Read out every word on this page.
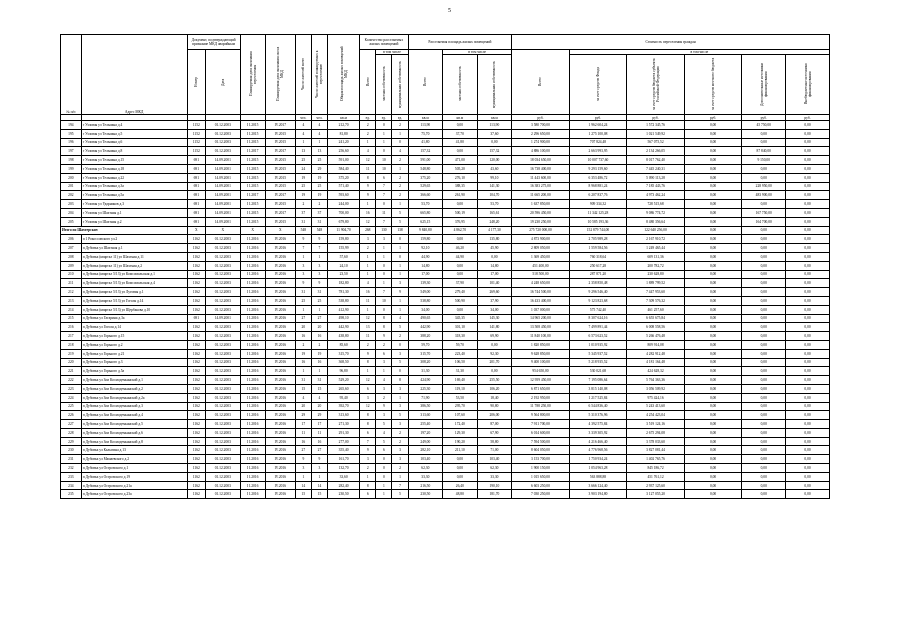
5
№ п/п	Адрес МКД	Документ, подтверждающий признание МКД аварийным		Планируемая дата окончания переселения	Планируемая дата окончания сноса МКД	Число жителей всего	Число жителей планируемых к переселению	Общая площадь жилых помещений МКД	Количество расселяемых жилых помещений			Расселяемая площадь жилых помещений			Стоимость переселения граждан					
		Номер	Дата						Всего	в том числе		Всего	в том числе		Всего	в том числе				
										частная собственность	муниципальная собственность		частная собственность	муниципальная собственность		за счет средств Фонда	за счет средств бюджета субъекта Российской Федерации	за счет средств местного бюджета	Дополнительные источники финансирования	Внебюджетные источники финансирования
						чел.	чел.	кв.м	ед.	ед.	ед.	кв.м	кв.м	кв.м	руб.	руб.	руб.	руб.	руб.	руб.
194	г Узловая ул Тельмана д.4	1152	01.12.2003	I I.2015	IV.2017	4	4	212,70	2	0	2	113,90	0,00	113,90	3 580 700,00	1 962 604,24	1 572 345,76	0,00	45 750,00	0,00
195	г Узловая ул Тельмана д.5	1152	01.12.2003	I I.2015	IV.2015	4	4	81,80	2	1	1	75,70	37,70	37,60	2 296 650,00	1 275 100,08	1 021 549,92	0,00	0,00	0,00
196	г Узловая ул Тельмана д.6	1152	01.12.2003	I I.2015	IV.2015	1	1	241,20	1	1	0	41,80	41,80	0,00	1 274 900,00	707 824,48	567 075,52	0,00	0,00	0,00
197	г Узловая ул Тельмана д.8	1152	01.12.2003	I I.2017	IV.2017	13	13	256,60	4	0	4	157,32	0,00	157,32	4 886 100,00	2 663 993,95	2 134 266,05	0,00	87 840,00	0,00
198	г Узловая ул Тельмана д.15	691	14.09.2001	I I.2015	IV.2015	25	25	591,00	12	10	2	591,00	471,00	120,00	18 034 650,00	10 007 737,60	8 017 762,40	0,00	9 150,00	0,00
199	г Узловая ул Тельмана д.18	691	14.09.2001	I I.2015	IV.2015	24	29	584,40	11	10	1	548,80	505,20	43,60	16 738 400,00	9 293 159,60	7 445 240,31	0,00	0,00	0,00
200	г Узловая ул Тельмана д.22	691	14.09.2001	I I.2015	IV.2015	19	19	375,20	8	6	2	375,20	276,10	99,10	11 443 600,00	6 353 486,72	5 090 113,28	0,00	0,00	0,00
201	г Узловая ул Тельмана д.3а	691	14.09.2001	I I.2015	IV.2015	25	25	571,40	9	7	2	529,65	388,35	141,30	16 383 275,00	8 968 881,24	7 185 443,76	0,00	228 950,00	0,00
202	г Узловая ул Тельмана д.5а	691	14.09.2001	I I.2017	IV.2017	19	19	593,60	9	7	2	366,60	261,90	104,70	11 665 200,00	6 207 837,76	4 973 462,24	0,00	483 900,00	0,00
203	г Узловая ул Ударников д.3	691	14.09.2001	I I.2015	IV.2015	2	2	244,00	1	0	1	53,70	0,00	53,70	1 637 850,00	909 334,32	728 515,68	0,00	0,00	0,00
204	г Узловая ул Шахтная д.1	691	14.09.2001	I I.2015	IV.2017	37	37	700,00	16	11	5	665,80	500,19	165,61	20 596 450,00	11 342 125,28	9 086 774,72	0,00	167 750,00	0,00
205	г Узловая ул Шахтная д.2	691	14.09.2001	I I.2015	IV.2015	31	31	679,80	12	7	5	625,15	376,95	248,20	19 230 250,00	10 585 193,36	8 480 356,64	0,00	164 700,00	0,00
Итого по Шахтерское:		X	X	X	X	548	548	11 904,70	268	130	138	9 840,80	4 862,70	4 177,30	275 720 000,00	152 879 744,00	122 640 256,00	0,00	0,00	0,00
206	п 1 Рокоссовского ул.2	1162	01.12.2003	I I.2016	IV.2016	9	9	159,80	3	3	0	159,80	0,00	135,80	4 873 900,00	2 705 989,28	2 167 910,72	0,00	0,00	0,00
207	п Дубовка ул Шахтная д.1	1162	01.12.2003	I I.2016	IV.2016	7	7	155,99	2	1	1	92,10	46,20	45,90	2 809 050,00	1 559 584,56	1 249 465,44	0,00	0,00	0,00
208	п Дубовка (квартал 11) ул Шахтная д.11	1162	01.12.2003	I I.2016	IV.2016	1	1	57,60	1	1	0	44,90	44,90	0,00	1 369 450,00	760 318,64	609 131,36	0,00	0,00	0,00
209	п Дубовка (квартал 11) ул Шахтная д.2	1162	01.12.2003	I I.2016	IV.2016	3	3	24,10	1	0	1	14,80	0,00	14,80	451 400,00	250 617,28	200 782,72	0,00	0,00	0,00
210	п Дубовка (квартал 5/13) ул Комсомольская д.1	1162	01.12.2003	I I.2016	IV.2016	3	3	23,50	1	0	1	17,00	0,00	17,00	518 500,00	287 871,20	230 628,80	0,00	0,00	0,00
211	п Дубовка (квартал 5/13) ул Комсомольская д.4	1162	01.12.2003	I I.2016	IV.2016	9	9	182,80	4	1	3	139,30	37,90	101,40	4 248 650,00	2 358 850,48	1 889 799,52	0,00	0,00	0,00
212	п Дубовка (квартал 5/13) ул Луговая д.1	1162	01.12.2003	I I.2016	IV.2016	31	31	781,30	16	7	9	549,00	279,40	269,60	16 744 500,00	9 296 546,40	7 447 953,60	0,00	0,00	0,00
213	п Дубовка (квартал 5/13) ул Гоголя д.14	1162	01.12.2003	I I.2016	IV.2016	25	25	538,80	11	10	1	538,80	500,90	37,90	16 433 400,00	9 123 823,68	7 309 576,32	0,00	0,00	0,00
214	п Дубовка (квартал 5/13) ул Щербакова д.10	1162	01.12.2003	I I.2016	IV.2016	1	1	412,90	1	0	1	34,00	0,00	34,00	1 037 000,00	575 742,40	461 257,60	0,00	0,00	0,00
215	п Дубовка ул Гагарина д.3а	691	14.09.2001	I I.2016	IV.2016	27	27	498,10	12	8	4	490,65	345,35	145,30	14 965 200,00	8 307 624,16	6 655 675,84	0,00	0,00	0,00
216	п Дубовка ул Гоголя д.14	1162	01.12.2003	I I.2016	IV.2016	20	20	442,90	13	8	5	442,90	301,10	141,80	13 508 450,00	7 499 891,44	6 008 558,56	0,00	0,00	0,00
217	п Дубовка ул Горького д.15	1162	01.12.2003	I I.2016	IV.2016	16	16	438,80	11	9	2	388,20	318,30	69,90	11 840 100,00	6 573 623,52	5 266 476,48	0,00	0,00	0,00
218	п Дубовка ул Горького д.2	1162	01.12.2003	I I.2016	IV.2016	2	2	85,60	2	2	0	59,70	59,70	0,00	1 820 850,00	1 010 935,92	809 914,08	0,00	0,00	0,00
219	п Дубовка ул Горького д.21	1162	01.12.2003	I I.2016	IV.2016	19	19	315,70	9	6	3	315,70	223,40	92,30	9 628 850,00	5 345 937,52	4 282 912,48	0,00	0,00	0,00
220	п Дубовка ул Горького д.3	1162	01.12.2003	I I.2016	IV.2016	16	16	368,50	8	3	5	308,20	106,50	201,70	9 400 100,00	5 218 935,52	4 181 164,48	0,00	0,00	0,00
221	п Дубовка ул Горького д.5а	1162	01.12.2003	I I.2016	IV.2016	1	1	96,80	1	1	0	31,30	31,30	0,00	954 650,00	530 021,68	424 628,32	0,00	0,00	0,00
222	п Дубовка ул Зои Космодемьянской д.1	1162	01.12.2003	I I.2016	IV.2016	31	31	529,20	12	4	8	424,90	169,40	255,50	12 959 450,00	7 195 086,64	5 764 363,36	0,00	0,00	0,00
223	п Дубовка ул Зои Космодемьянской д.2	1162	01.12.2003	I I.2016	IV.2016	15	15	265,60	6	3	3	225,30	119,10	106,20	6 871 650,00	3 815 140,08	3 056 509,92	0,00	0,00	0,00
224	п Дубовка ул Зои Космодемьянской д.2а	1162	01.12.2003	I I.2016	IV.2016	4	4	95,40	3	2	1	71,90	53,50	18,40	2 192 950,00	1 217 525,84	975 424,16	0,00	0,00	0,00
225	п Дубовка ул Зои Космодемьянской д.3	1162	01.12.2003	I I.2016	IV.2016	20	20	392,70	12	9	3	386,50	295,70	90,80	11 788 250,00	6 544 836,40	5 243 413,60	0,00	0,00	0,00
226	п Дубовка ул Зои Космодемьянской д.4	1162	01.12.2003	I I.2016	IV.2016	29	29	313,60	8	3	5	313,60	107,60	206,00	9 564 800,00	5 310 376,96	4 254 423,04	0,00	0,00	0,00
227	п Дубовка ул Зои Космодемьянской д.5	1162	01.12.2003	I I.2016	IV.2016	17	17	271,30	8	5	3	255,40	172,40	87,00	7 911 700,00	4 392 575,84	3 519 124,16	0,00	0,00	0,00
228	п Дубовка ул Зои Космодемьянской д.6	1162	01.12.2003	I I.2016	IV.2016	11	11	291,30	6	4	2	197,20	129,30	67,90	6 014 600,00	3 339 305,92	2 675 294,08	0,00	0,00	0,00
229	п Дубовка ул Зои Космодемьянской д.8	1162	01.12.2003	I I.2016	IV.2016	16	16	277,00	7	5	2	249,00	190,20	58,80	7 594 500,00	4 216 466,40	3 378 033,60	0,00	0,00	0,00
230	п Дубовка ул Калыгина д.13	1162	01.12.2003	I I.2016	IV.2016	27	27	355,40	9	6	3	282,10	211,10	71,00	8 604 050,00	4 776 968,56	3 827 081,44	0,00	0,00	0,00
231	п Дубовка ул Мамаевского д.2	1162	01.12.2003	I I.2016	IV.2016	9	9	161,70	3	0	3	103,40	0,00	103,40	3 153 700,00	1 750 934,24	1 402 765,76	0,00	0,00	0,00
232	п Дубовка ул Островского д.1	1162	01.12.2003	I I.2016	IV.2016	3	3	132,70	2	0	2	62,30	0,00	62,30	1 900 150,00	1 054 963,28	845 186,72	0,00	0,00	0,00
233	п Дубовка ул Островского д.19	1162	01.12.2003	I I.2016	IV.2016	1	1	33,60	1	0	1	33,30	0,00	33,30	1 015 650,00	563 888,88	451 761,12	0,00	0,00	0,00
234	п Дубовка ул Островского д.21а	1162	01.12.2003	I I.2016	IV.2016	14	14	282,40	8	1	7	216,50	26,40	190,10	6 603 250,00	3 666 124,40	2 937 125,60	0,00	0,00	0,00
235	п Дубовка ул Островского д.23а	1162	01.12.2003	I I.2016	IV.2016	15	15	230,50	6	1	5	230,50	48,80	181,70	7 030 250,00	3 903 194,80	3 127 055,20	0,00	0,00	0,00
